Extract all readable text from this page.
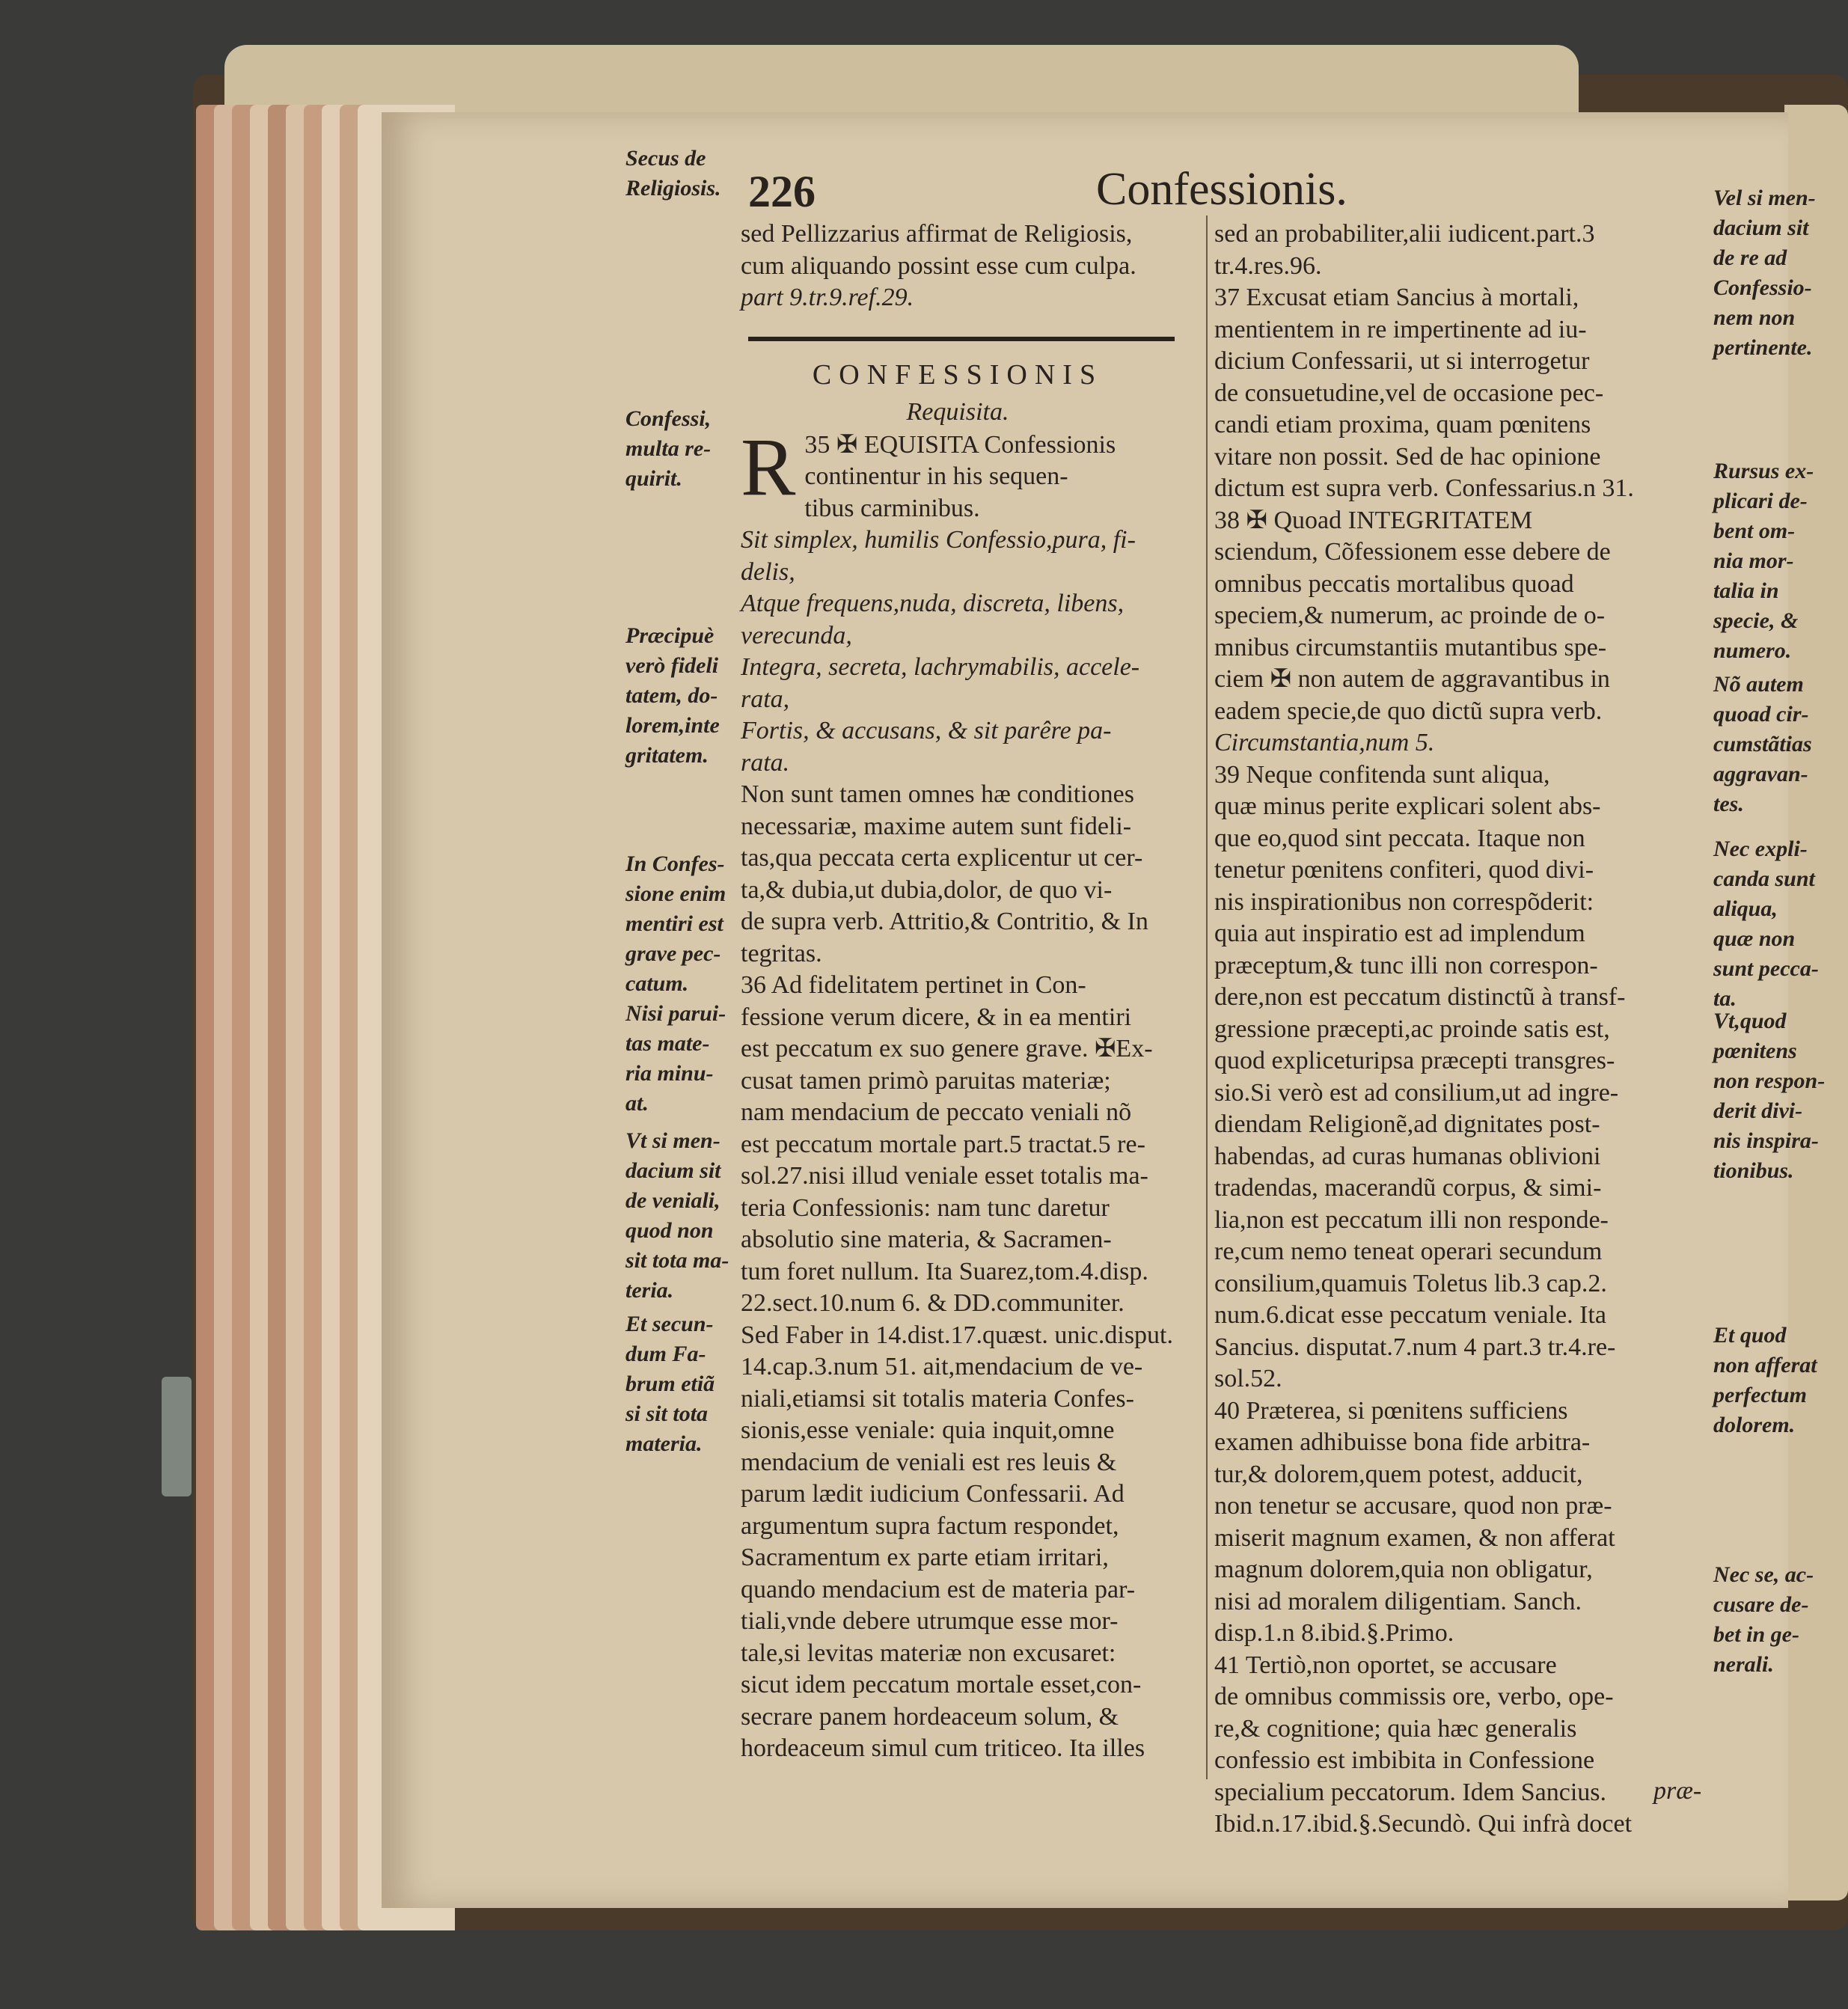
226	Confessionis.
sed Pellizzarius affirmat de Religiosis,
cum aliquando possint esse cum culpa.
part 9.tr.9.ref.29.
CONFESSIONIS
Requisita.
R 35 ✠ EQUISITA Confessionis
continentur in his sequen-
tibus carminibus.
Sit simplex, humilis Confessio,pura, fi-
delis,
Atque frequens,nuda, discreta, libens,
verecunda,
Integra, secreta, lachrymabilis, accele-
rata,
Fortis, & accusans, & sit parêre pa-
rata.
Non sunt tamen omnes hæ conditiones
necessariæ, maxime autem sunt fideli-
tas,qua peccata certa explicentur ut cer-
ta,& dubia,ut dubia,dolor, de quo vi-
de supra verb. Attritio,& Contritio, & In
tegritas.
36 Ad fidelitatem pertinet in Con-
fessione verum dicere, & in ea mentiri
est peccatum ex suo genere grave. ✠Ex-
cusat tamen primò paruitas materiæ;
nam mendacium de peccato veniali nõ
est peccatum mortale part.5 tractat.5 re-
sol.27.nisi illud veniale esset totalis ma-
teria Confessionis: nam tunc daretur
absolutio sine materia, & Sacramen-
tum foret nullum. Ita Suarez,tom.4.disp.
22.sect.10.num 6. & DD.communiter.
Sed Faber in 14.dist.17.quæst. unic.disput.
14.cap.3.num 51. ait,mendacium de ve-
niali,etiamsi sit totalis materia Confes-
sionis,esse veniale: quia inquit,omne
mendacium de veniali est res leuis &
parum lædit iudicium Confessarii. Ad
argumentum supra factum respondet,
Sacramentum ex parte etiam irritari,
quando mendacium est de materia par-
tiali,vnde debere utrumque esse mor-
tale,si levitas materiæ non excusaret:
sicut idem peccatum mortale esset,con-
secrare panem hordeaceum solum, &
hordeaceum simul cum triticeo. Ita illes
sed an probabiliter,alii iudicent.part.3
tr.4.res.96.
37 Excusat etiam Sancius à mortali,
mentientem in re impertinente ad iu-
dicium Confessarii, ut si interrogetur
de consuetudine,vel de occasione pec-
candi etiam proxima, quam pœnitens
vitare non possit. Sed de hac opinione
dictum est supra verb. Confessarius.n 31.
38 ✠ Quoad INTEGRITATEM
sciendum, Cõfessionem esse debere de
omnibus peccatis mortalibus quoad
speciem,& numerum, ac proinde de o-
mnibus circumstantiis mutantibus spe-
ciem ✠ non autem de aggravantibus in
eadem specie,de quo dictũ supra verb.
Circumstantia,num 5.
39 Neque confitenda sunt aliqua,
quæ minus perite explicari solent abs-
que eo,quod sint peccata. Itaque non
tenetur pœnitens confiteri, quod divi-
nis inspirationibus non correspõderit:
quia aut inspiratio est ad implendum
præceptum,& tunc illi non correspon-
dere,non est peccatum distinctũ à transf-
gressione præcepti,ac proinde satis est,
quod expliceturipsa præcepti transgres-
sio.Si verò est ad consilium,ut ad ingre-
diendam Religionẽ,ad dignitates post-
habendas, ad curas humanas oblivioni
tradendas, macerandũ corpus, & simi-
lia,non est peccatum illi non responde-
re,cum nemo teneat operari secundum
consilium,quamuis Toletus lib.3 cap.2.
num.6.dicat esse peccatum veniale. Ita
Sancius. disputat.7.num 4 part.3 tr.4.re-
sol.52.
40 Præterea, si pœnitens sufficiens
examen adhibuisse bona fide arbitra-
tur,& dolorem,quem potest, adducit,
non tenetur se accusare, quod non præ-
miserit magnum examen, & non afferat
magnum dolorem,quia non obligatur,
nisi ad moralem diligentiam. Sanch.
disp.1.n 8.ibid.§.Primo.
41 Tertiò,non oportet, se accusare
de omnibus commissis ore, verbo, ope-
re,& cognitione; quia hæc generalis
confessio est imbibita in Confessione
specialium peccatorum. Idem Sancius.
Ibid.n.17.ibid.§.Secundò. Qui infrà docet
Secus de
Religiosis.
Confessi,
multa re-
quirit.
Præcipuè
verò fideli
tatem, do-
lorem,inte
gritatem.
In Confes-
sione enim
mentiri est
grave pec-
catum.
Nisi parui-
tas mate-
ria minu-
at.
Vt si men-
dacium sit
de veniali,
quod non
sit tota ma-
teria.
Et secun-
dum Fa-
brum etiã
si sit tota
materia.
Vel si men-
dacium sit
de re ad
Confessio-
nem non
pertinente.
Rursus ex-
plicari de-
bent om-
nia mor-
talia in
specie, &
numero.
Nõ autem
quoad cir-
cumstãtias
aggravan-
tes.
Nec expli-
canda sunt
aliqua,
quæ non
sunt pecca-
ta.
Vt,quod
pœnitens
non respon-
derit divi-
nis inspira-
tionibus.
Et quod
non afferat
perfectum
dolorem.
Nec se, ac-
cusare de-
bet in ge-
nerali.
præ-
